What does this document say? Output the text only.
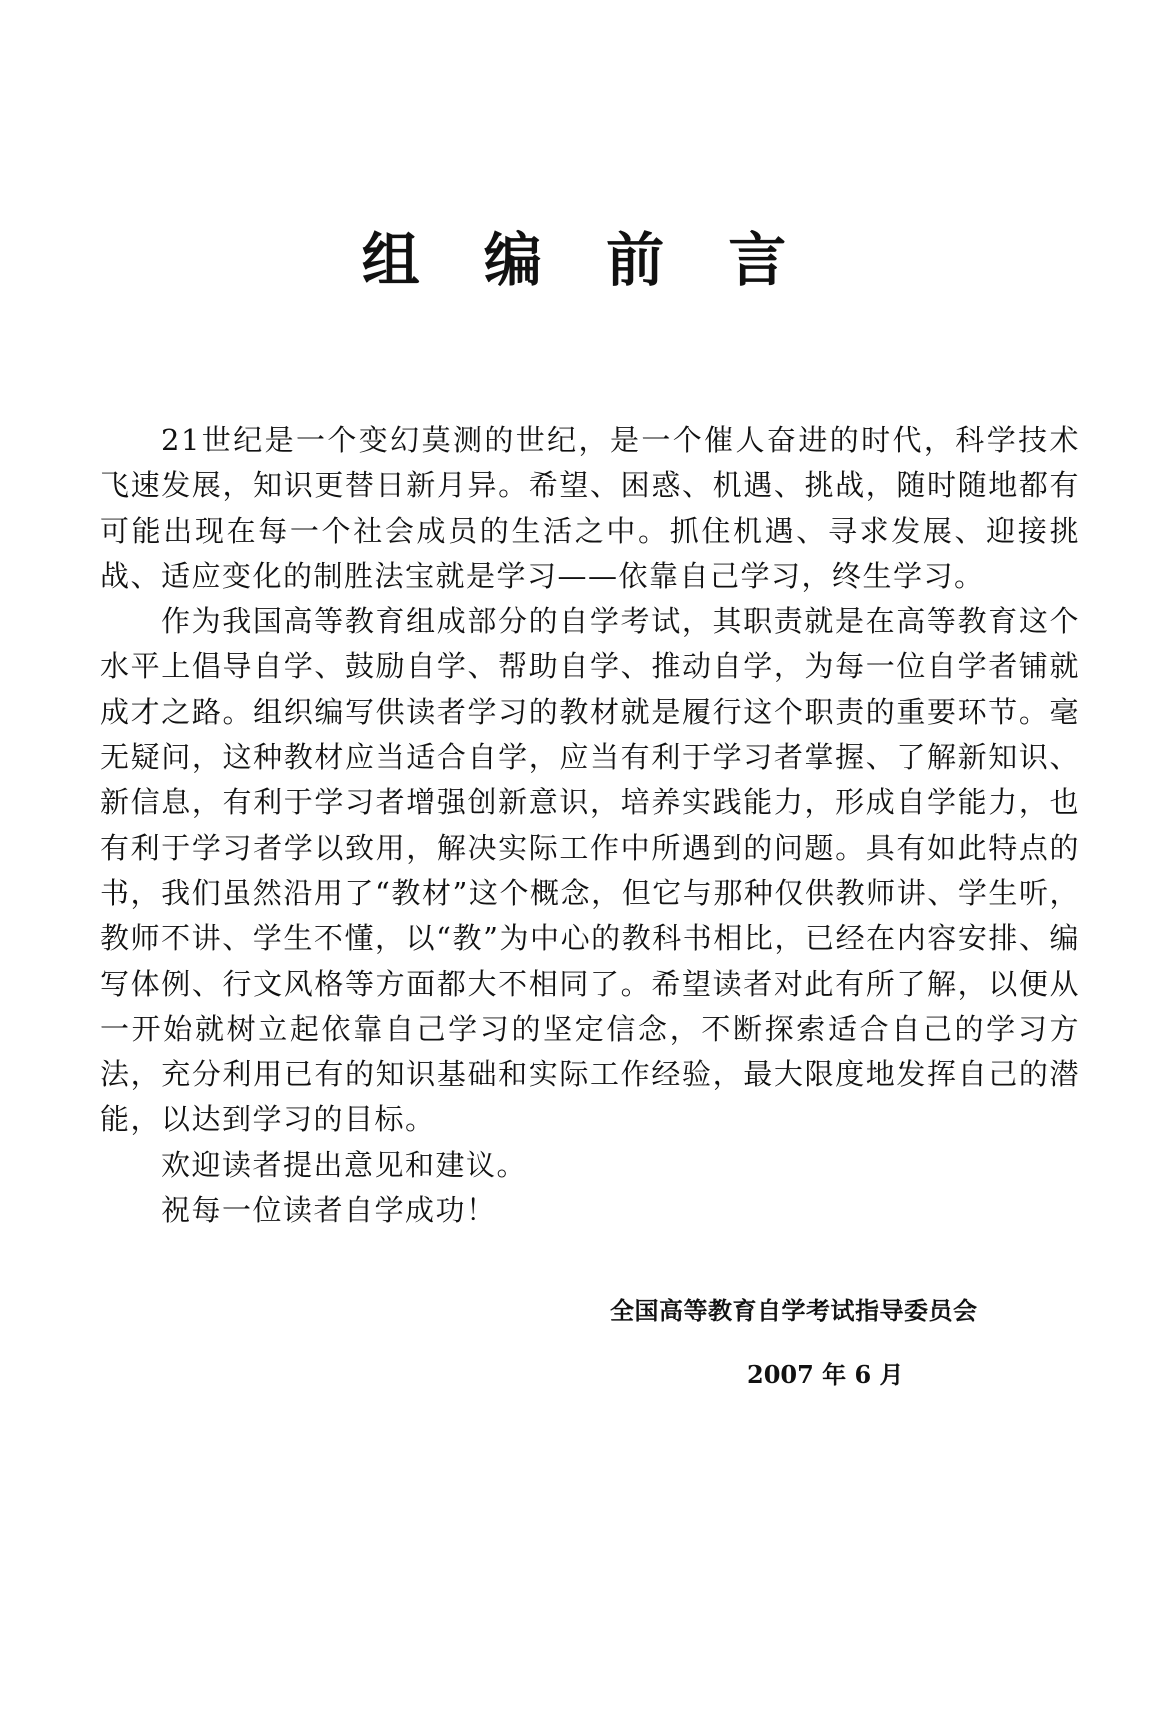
组 编 前 言

21世纪是一个变幻莫测的世纪，是一个催人奋进的时代，科学技术飞速发展，知识更替日新月异。希望、困惑、机遇、挑战，随时随地都有可能出现在每一个社会成员的生活之中。抓住机遇、寻求发展、迎接挑战、适应变化的制胜法宝就是学习——依靠自己学习，终生学习。

作为我国高等教育组成部分的自学考试，其职责就是在高等教育这个水平上倡导自学、鼓励自学、帮助自学、推动自学，为每一位自学者铺就成才之路。组织编写供读者学习的教材就是履行这个职责的重要环节。毫无疑问，这种教材应当适合自学，应当有利于学习者掌握、了解新知识、新信息，有利于学习者增强创新意识，培养实践能力，形成自学能力，也有利于学习者学以致用，解决实际工作中所遇到的问题。具有如此特点的书，我们虽然沿用了“教材”这个概念，但它与那种仅供教师讲、学生听，教师不讲、学生不懂，以“教”为中心的教科书相比，已经在内容安排、编写体例、行文风格等方面都大不相同了。希望读者对此有所了解，以便从一开始就树立起依靠自己学习的坚定信念，不断探索适合自己的学习方法，充分利用已有的知识基础和实际工作经验，最大限度地发挥自己的潜能，以达到学习的目标。

欢迎读者提出意见和建议。

祝每一位读者自学成功！

全国高等教育自学考试指导委员会
2007 年 6 月
